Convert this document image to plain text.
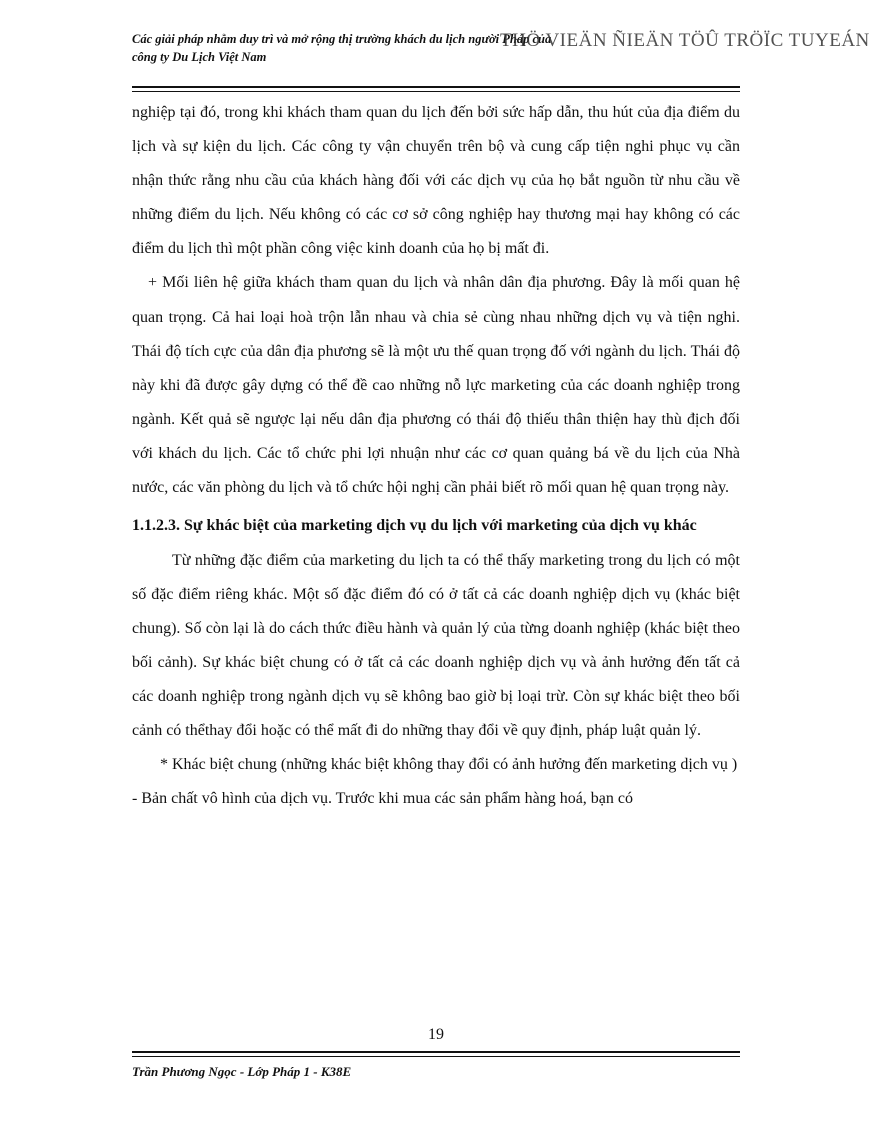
Các giải pháp nhằm duy trì và mở rộng thị trường khách du lịch người Pháp của công ty Du Lịch Việt Nam
THÖ VIEÄN ÑIEÄN TÖÛ TRÖÏC TUYEÁN

nghiệp tại đó, trong khi khách tham quan du lịch đến bởi sức hấp dẫn, thu hút của địa điểm du lịch và sự kiện du lịch. Các công ty vận chuyển trên bộ và cung cấp tiện nghi phục vụ cần nhận thức rằng nhu cầu của khách hàng đối với các dịch vụ của họ bắt nguồn từ nhu cầu về những điểm du lịch. Nếu không có các cơ sở công nghiệp hay thương mại hay không có các điểm du lịch thì một phần công việc kinh doanh của họ bị mất đi.

+ Mối liên hệ giữa khách tham quan du lịch và nhân dân địa phương. Đây là mối quan hệ quan trọng. Cả hai loại hoà trộn lẫn nhau và chia sẻ cùng nhau những dịch vụ và tiện nghi. Thái độ tích cực của dân địa phương sẽ là một ưu thế quan trọng đố với ngành du lịch. Thái độ này khi đã được gây dựng có thể đề cao những nỗ lực marketing của các doanh nghiệp trong ngành. Kết quả sẽ ngược lại nếu dân địa phương có thái độ thiếu thân thiện hay thù địch đối với khách du lịch. Các tổ chức phi lợi nhuận như các cơ quan quảng bá về du lịch của Nhà nước, các văn phòng du lịch và tổ chức hội nghị cần phải biết rõ mối quan hệ quan trọng này.

1.1.2.3. Sự khác biệt của marketing dịch vụ du lịch với marketing của dịch vụ khác

Từ những đặc điểm của marketing du lịch ta có thể thấy marketing trong du lịch có một số đặc điểm riêng khác. Một số đặc điểm đó có ở tất cả các doanh nghiệp dịch vụ (khác biệt chung). Số còn lại là do cách thức điều hành và quản lý của từng doanh nghiệp (khác biệt theo bối cảnh). Sự khác biệt chung có ở tất cả các doanh nghiệp dịch vụ và ảnh hưởng đến tất cả các doanh nghiệp trong ngành dịch vụ sẽ không bao giờ bị loại trừ. Còn sự khác biệt theo bối cảnh có thểthay đổi hoặc có thể mất đi do những thay đổi về quy định, pháp luật quản lý.

* Khác biệt chung (những khác biệt không thay đổi có ảnh hưởng đến marketing dịch vụ )

- Bản chất vô hình của dịch vụ. Trước khi mua các sản phẩm hàng hoá, bạn có

19
Trần Phương Ngọc - Lớp Pháp 1 - K38E
